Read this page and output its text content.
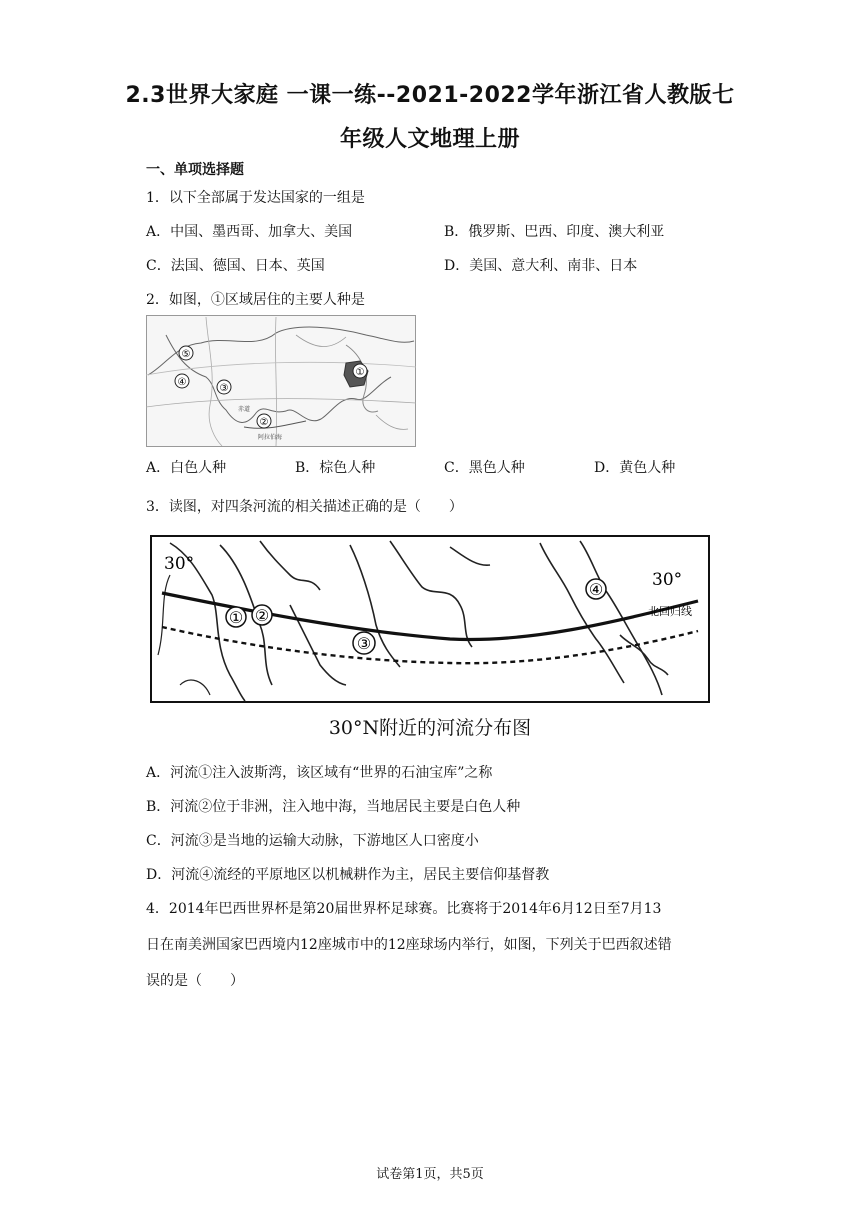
2.3世界大家庭 一课一练--2021-2022学年浙江省人教版七
年级人文地理上册
一、单项选择题
1．以下全部属于发达国家的一组是
A．中国、墨西哥、加拿大、美国	B．俄罗斯、巴西、印度、澳大利亚
C．法国、德国、日本、英国	D．美国、意大利、南非、日本
2．如图，①区域居住的主要人种是
⑤
④
③
②
①
赤道
阿拉伯海
A．白色人种	B．棕色人种	C．黑色人种	D．黄色人种
3．读图，对四条河流的相关描述正确的是（　　）
30°
30°
北回归线
① ②
③
④
30°N附近的河流分布图
A．河流①注入波斯湾，该区域有“世界的石油宝库”之称
B．河流②位于非洲，注入地中海，当地居民主要是白色人种
C．河流③是当地的运输大动脉，下游地区人口密度小
D．河流④流经的平原地区以机械耕作为主，居民主要信仰基督教
4．2014年巴西世界杯是第20届世界杯足球赛。比赛将于2014年6月12日至7月13
日在南美洲国家巴西境内12座城市中的12座球场内举行，如图，下列关于巴西叙述错
误的是（　　）
试卷第1页，共5页
